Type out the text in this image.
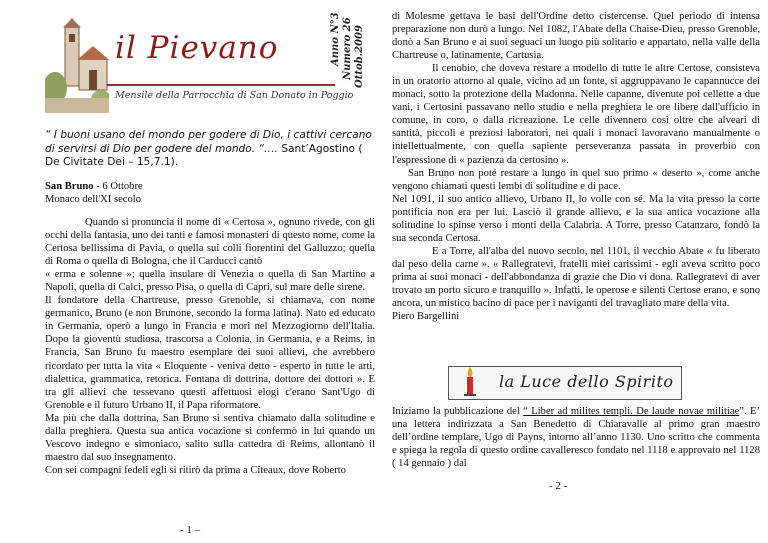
il Pievano
Mensile della Parrocchia di San Donato in Poggio
Anno N°3 Numero 26 Ottob.2009
“ I buoni usano del mondo per godere di Dio, i cattivi cercano di servirsi di Dio per godere del mondo. “…. Sant’Agostino ( De Civitate Dei – 15,7.1).
San Bruno - 6 Ottobre
Monaco dell'XI secolo

Quando si pronuncia il nome di « Certosa », ognuno rivede, con gli occhi della fantasia, uno dei tanti e famosi monasteri di questo nome, come la Certosa bellissima di Pavia, o quella sui colli fiorentini del Galluzzo; quella di Roma o quella di Bologna, che il Carducci cantò

« erma e solenne »; quella insulare di Venezia o quella di San Martino a Napoli, quella di Calci, presso Pisa, o quella di Capri, sul mare delle sirene.

Il fondatore della Chartreuse, presso Grenoble, si chiamava, con nome germanico, Bruno (e non Brunone, secondo la forma latina). Nato ed educato in Germania, operò a lungo in Francia e morì nel Mezzogiorno dell'Italia. Dopo la gioventù studiosa, trascorsa a Colonia, in Germania, e a Reims, in Francia, San Bruno fu maestro esemplare dei suoi allievi, che avrebbero ricordato per tutta la vita « Eloquente - veniva detto - esperto in tutte le arti, dialettica, grammatica, retorica. Fontana di dottrina, dottore dei dottori ». E tra gli allievi che tessevano questi affettuosi elogi c'erano Sant'Ugo di Grenoble e il futuro Urbano II, il Papa riformatore.

Ma più che dalla dottrina, San Bruno si sentiva chiamato dalla solitudine e dalla preghiera. Questa sua antica vocazione si confermò in lui quando un Vescovo indegno e simoniaco, salito sulla cattedra di Reims, allontanò il maestro dal suo insegnamento.

Con sei compagni fedeli egli si ritirò da prima a Cîteaux, dove Roberto

- 1 –

di Molesme gettava le basi dell'Ordine detto cistercense. Quel periodo di intensa preparazione non durò a lungo. Nel 1082, l'Abate della Chaise-Dieu, presso Grenoble, donò a San Bruno e ai suoi seguaci un luogo più solitario e appartato, nella valle della Chartreuse o, latinamente, Cartusia.

Il cenobio, che doveva restare a modello di tutte le altre Certose, consisteva in un oratorio attorno al quale, vicino ad un fonte, si aggruppavano le capannucce dei monaci, sotto la protezione della Madonna. Nelle capanne, divenute poi cellette a due vani, i Certosini passavano nello studio e nella preghiera le ore libere dall'ufficio in comune, in coro, o dalla ricreazione. Le celle divennero così oltre che alveari di santità, piccoli e preziosi laboratori, nei quali i monaci lavoravano manualmente o intellettualmente, con quella sapiente perseveranza passata in proverbio con l'espressione di « pazienza da certosino ».

San Bruno non poté restare a lungo in quel suo primo « deserto », come anche vengono chiamati questi lembi di solitudine e di pace.

Nel 1091, il suo antico allievo, Urbano II, lo volle con sé. Ma la vita presso la corte pontificia non era per lui. Lasciò il grande allievo, e la sua antica vocazione alla solitudine lo spinse verso i monti della Calabria. A Torre, presso Catanzaro, fondò la sua seconda Certosa.

E a Torre, all'alba del nuovo secolo, nel 1101, il vecchio Abate « fu liberato dal peso della carne ». « Rallegratevi, fratelli miei carissimi - egli aveva scritto poco prima ai suoi monaci - dell'abbondanza di grazie che Dio vi dona. Rallegratevi di aver trovato un porto sicuro e tranquillo ». Infatti, le operose e silenti Certose erano, e sono ancora, un mistico bacino di pace per i naviganti del travagliato mare della vita.

Piero Bargellini

la Luce dello Spirito

Iniziamo la pubblicazione del “ Liber ad milites templi. De laude novae militiae”. E’ una lettera indirizzata a San Benedetto di Chiaravalle al primo gran maestro dell’ordine templare, Ugo di Payns, intorno all’anno 1130. Uno scritto che commenta e spiega la regola di questo ordine cavalleresco fondato nel 1118 e approvato nel 1128 ( 14 gennaio ) dal

- 2 -
